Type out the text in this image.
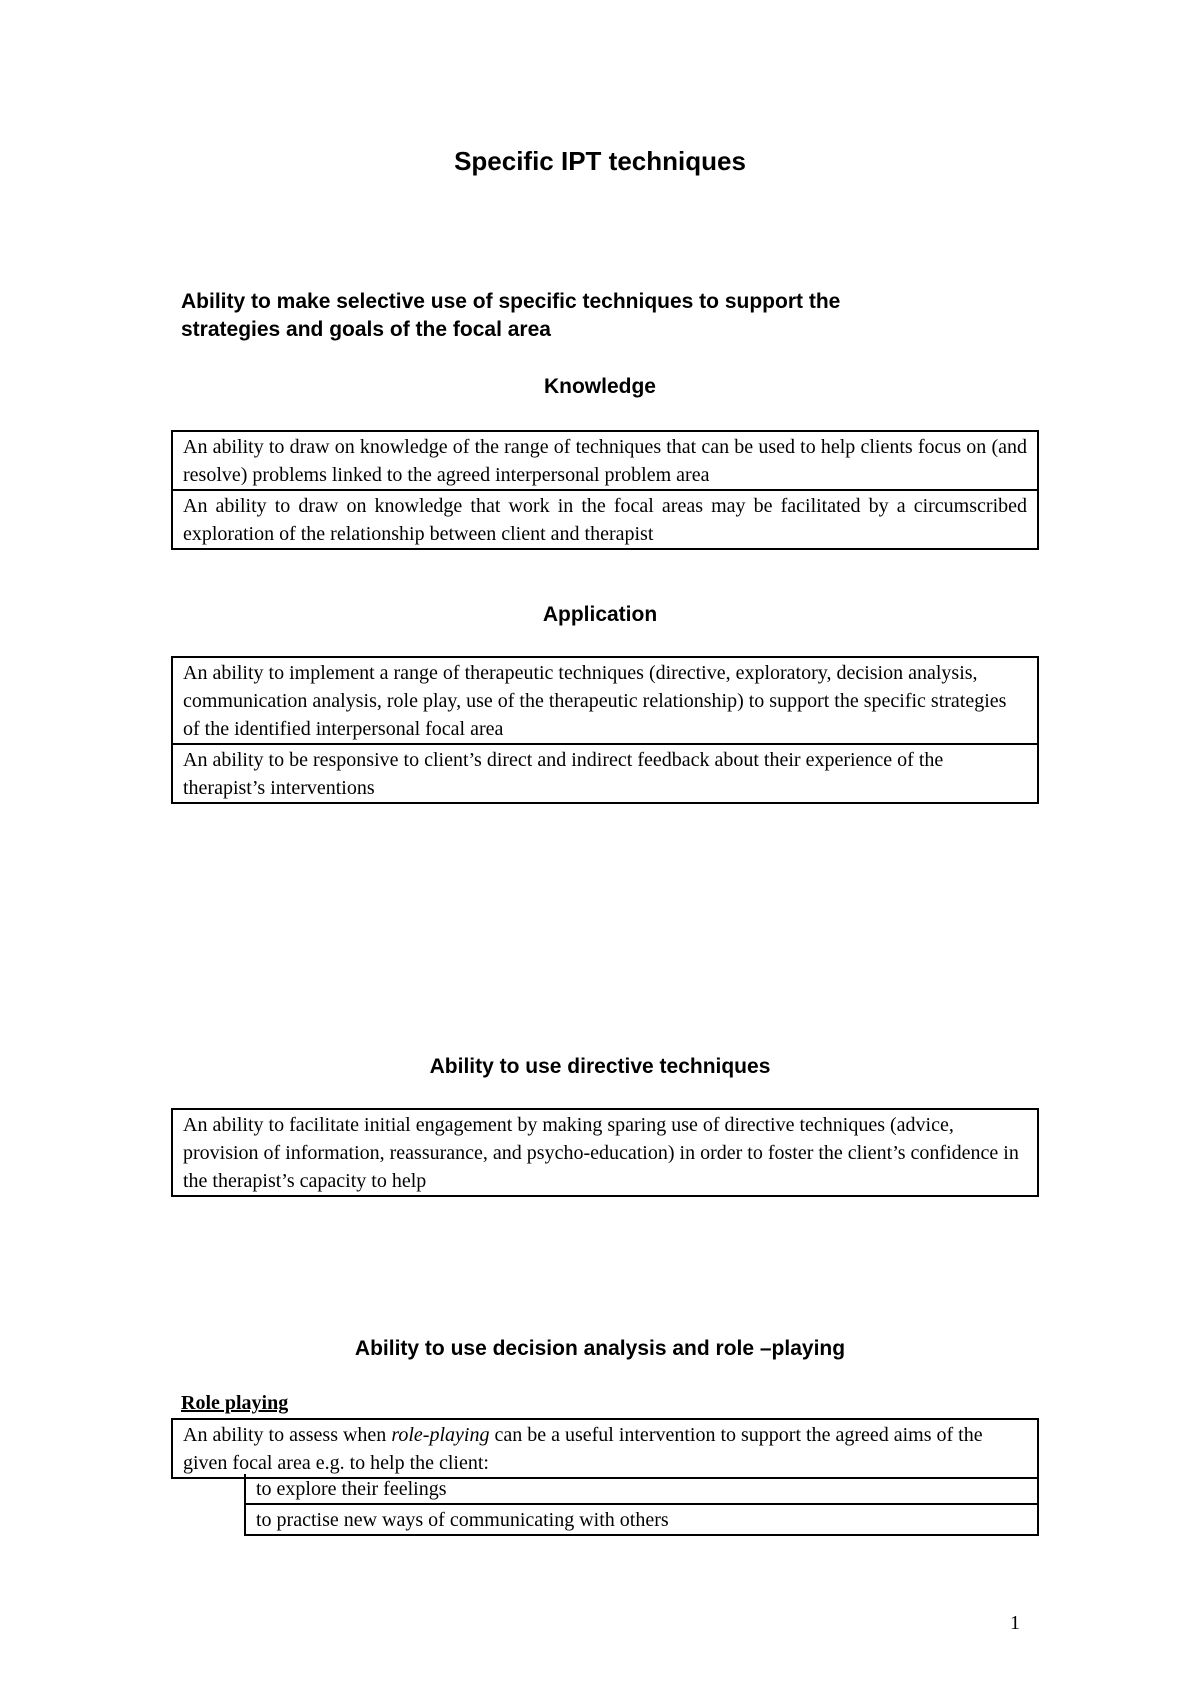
Specific IPT techniques
Ability to make selective use of specific techniques to support the
strategies and goals of the focal area
Knowledge
An ability to draw on knowledge of the range of techniques that can be used to help clients focus on (and resolve) problems linked to the agreed interpersonal problem area
An ability to draw on knowledge that work in the focal areas may be facilitated by a circumscribed exploration of the relationship between client and therapist
Application
An ability to implement a range of therapeutic techniques (directive, exploratory, decision analysis, communication analysis, role play, use of the therapeutic relationship) to support the specific strategies of the identified interpersonal focal area
An ability to be responsive to client’s direct and indirect feedback about their experience of the therapist’s interventions
Ability to use directive techniques
An ability to facilitate initial engagement by making sparing use of directive techniques (advice, provision of information, reassurance, and psycho-education) in order to foster the client’s confidence in the therapist’s capacity to help
Ability to use decision analysis and role –playing
Role playing
An ability to assess when role-playing can be a useful intervention to support the agreed aims of the given focal area e.g. to help the client:
to explore their feelings
to practise new ways of communicating with others
1
